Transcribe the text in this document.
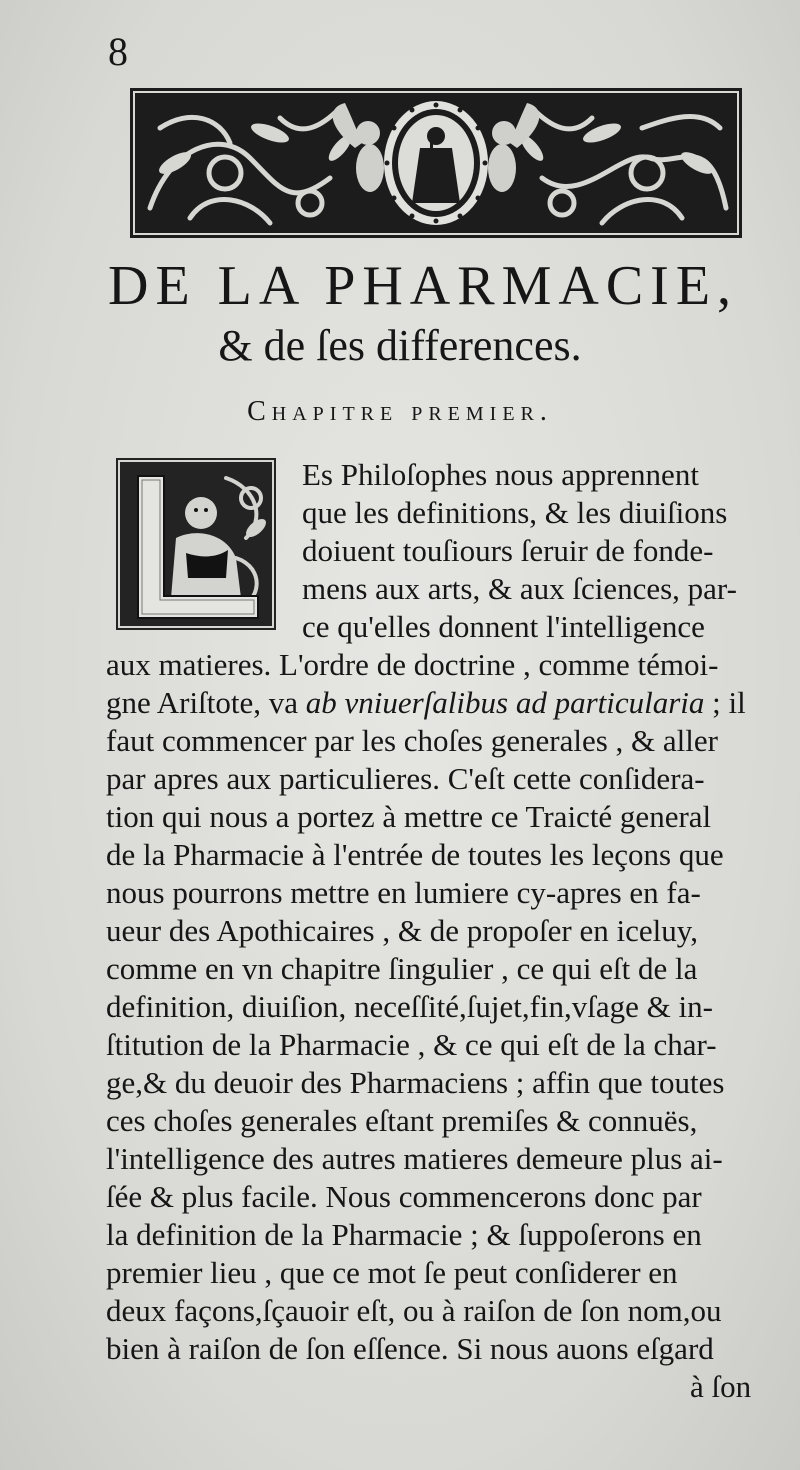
8
DE LA PHARMACIE,
& de ſes differences.
Chapitre premier.
Es Philoſophes nous apprennent
que les definitions, & les diuiſions
doiuent touſiours ſeruir de fonde-
mens aux arts, & aux ſciences, par-
ce qu'elles donnent l'intelligence
aux matieres. L'ordre de doctrine , comme témoi-
gne Ariſtote, va ab vniuerſalibus ad particularia ; il
faut commencer par les choſes generales , & aller
par apres aux particulieres. C'eſt cette conſidera-
tion qui nous a portez à mettre ce Traicté general
de la Pharmacie à l'entrée de toutes les leçons que
nous pourrons mettre en lumiere cy-apres en fa-
ueur des Apothicaires , & de propoſer en iceluy,
comme en vn chapitre ſingulier , ce qui eſt de la
definition, diuiſion, neceſſité,ſujet,fin,vſage & in-
ſtitution de la Pharmacie , & ce qui eſt de la char-
ge,& du deuoir des Pharmaciens ; affin que toutes
ces choſes generales eſtant premiſes & connuës,
l'intelligence des autres matieres demeure plus ai-
ſée & plus facile. Nous commencerons donc par
la definition de la Pharmacie ; & ſuppoſerons en
premier lieu , que ce mot ſe peut conſiderer en
deux façons,ſçauoir eſt, ou à raiſon de ſon nom,ou
bien à raiſon de ſon eſſence. Si nous auons eſgard
à ſon
